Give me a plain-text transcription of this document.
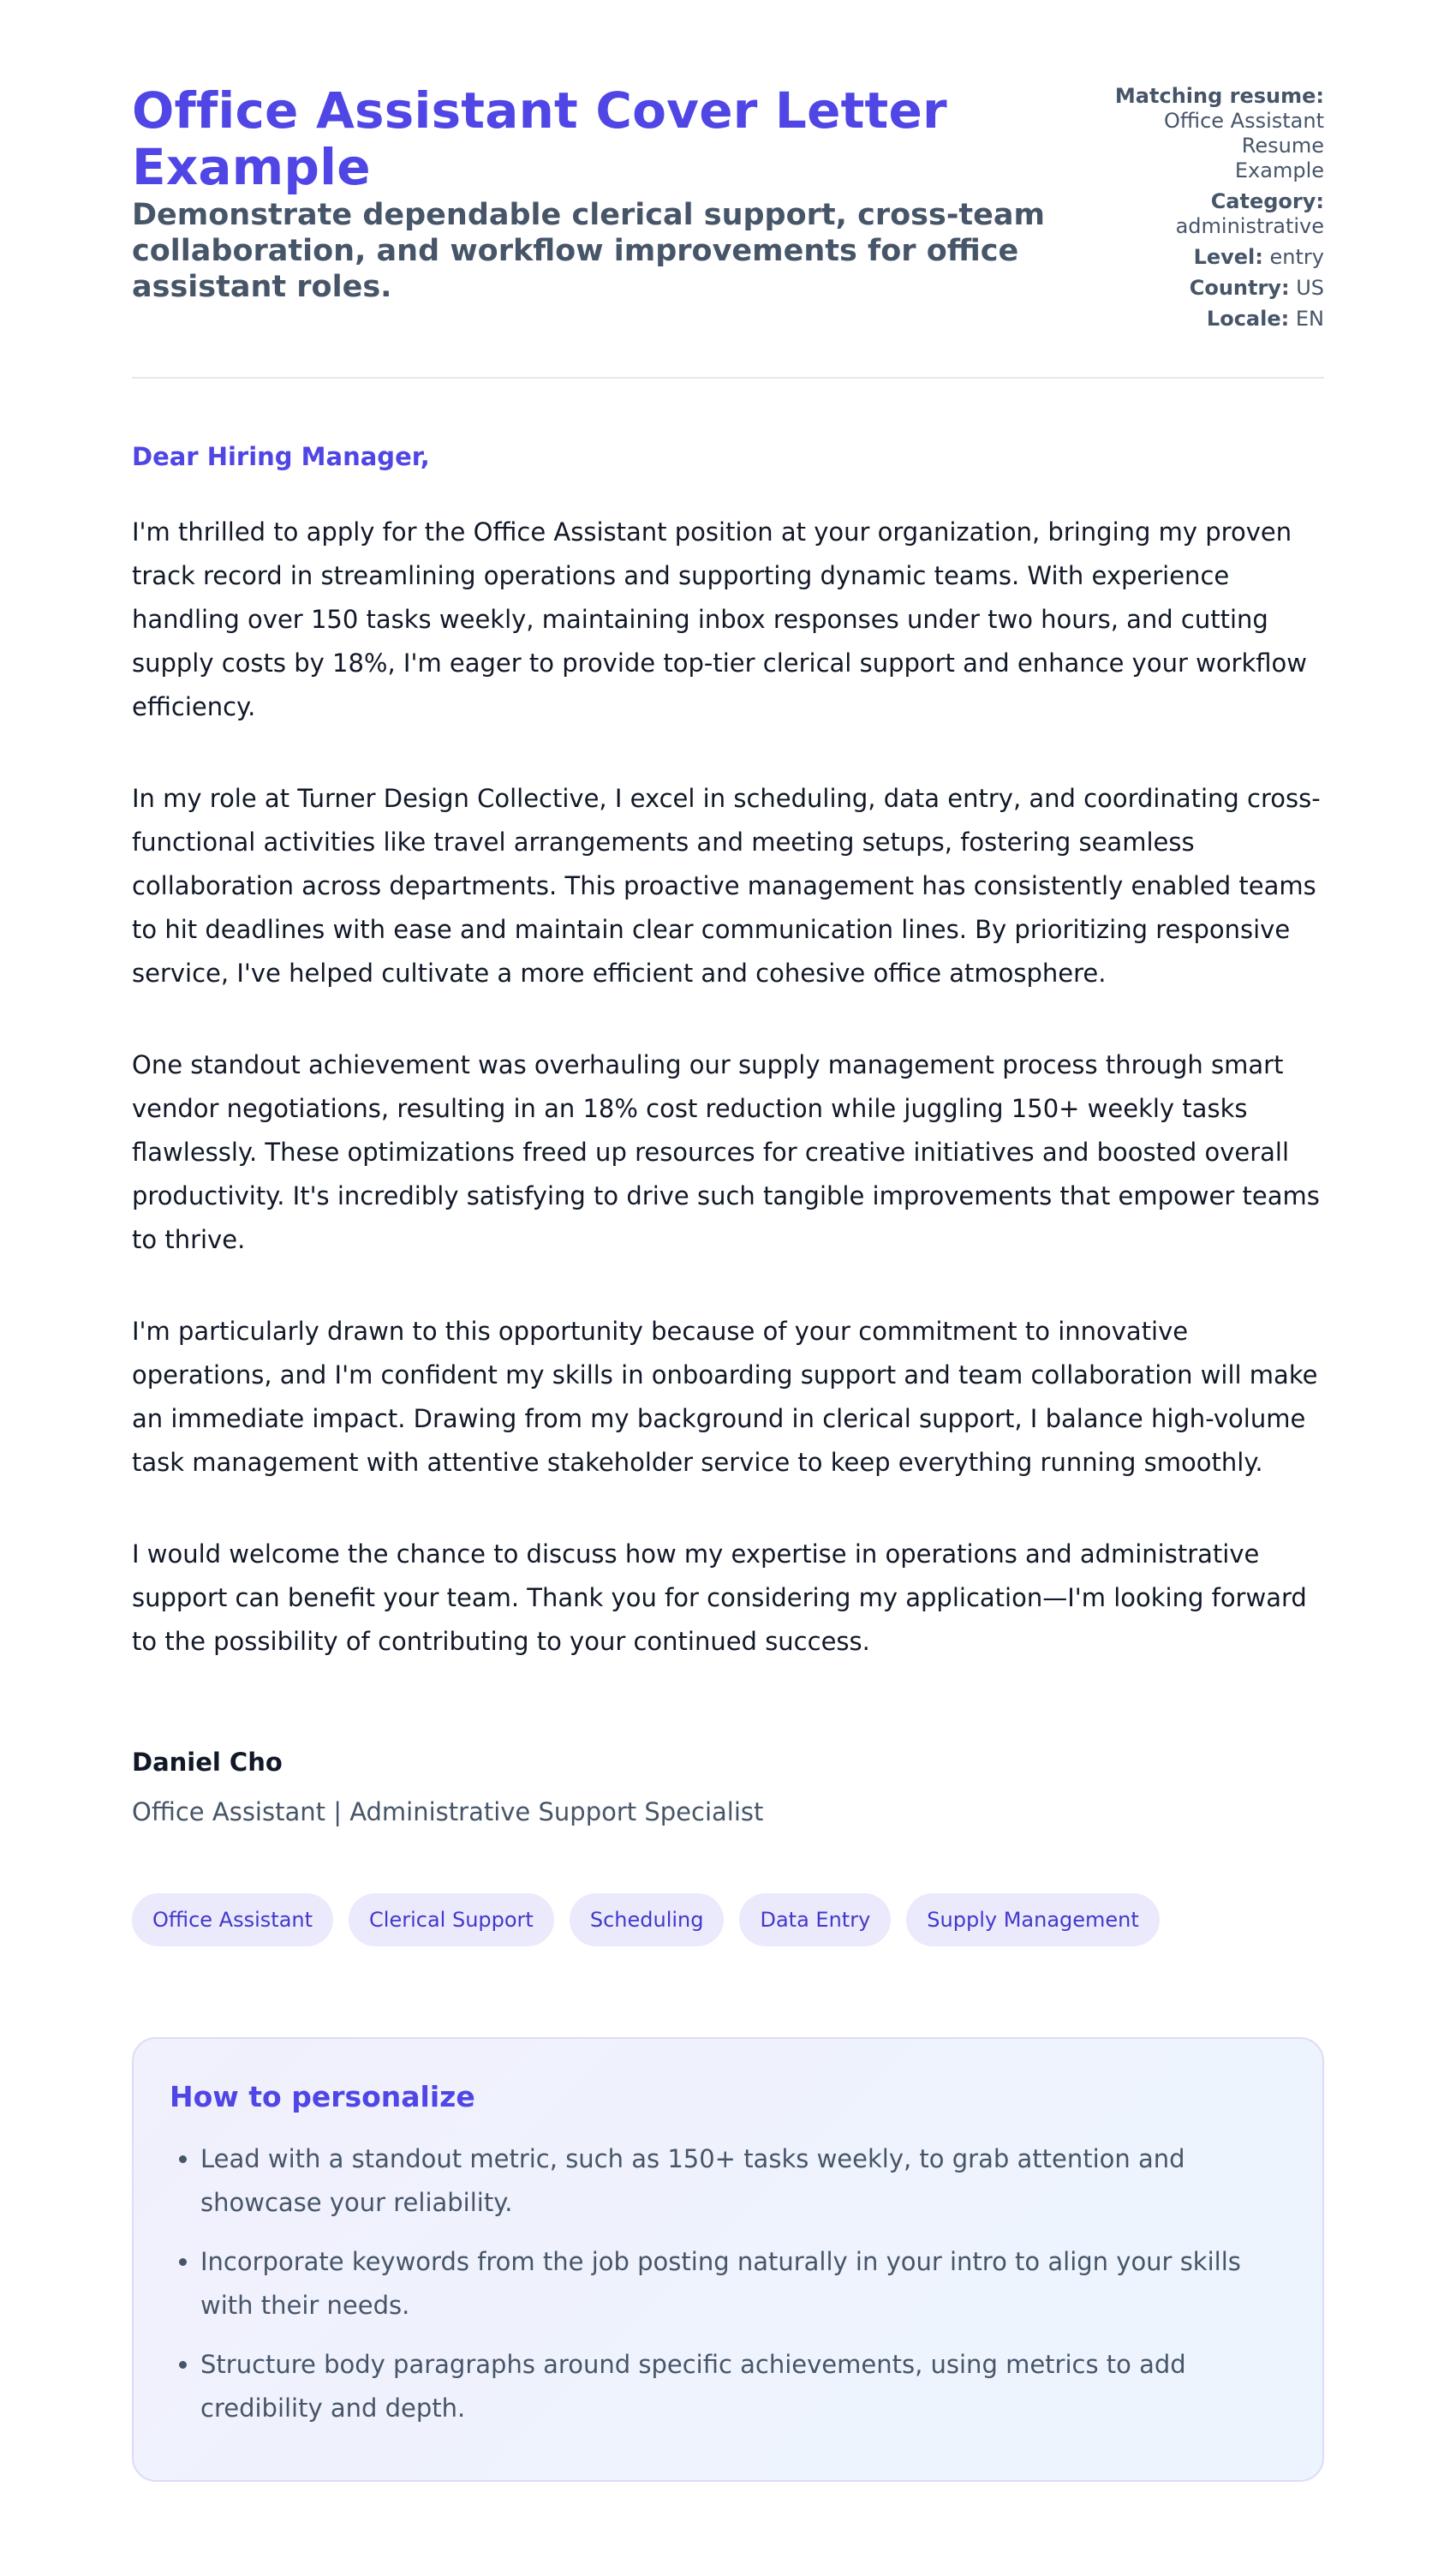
Office Assistant Cover Letter Example
Demonstrate dependable clerical support, cross-team collaboration, and workflow improvements for office assistant roles.
Matching resume:
Office Assistant Resume Example
Category:
administrative
Level: entry
Country: US
Locale: EN
Dear Hiring Manager,

I'm thrilled to apply for the Office Assistant position at your organization, bringing my proven track record in streamlining operations and supporting dynamic teams. With experience handling over 150 tasks weekly, maintaining inbox responses under two hours, and cutting supply costs by 18%, I'm eager to provide top-tier clerical support and enhance your workflow efficiency.

In my role at Turner Design Collective, I excel in scheduling, data entry, and coordinating cross-functional activities like travel arrangements and meeting setups, fostering seamless collaboration across departments. This proactive management has consistently enabled teams to hit deadlines with ease and maintain clear communication lines. By prioritizing responsive service, I've helped cultivate a more efficient and cohesive office atmosphere.

One standout achievement was overhauling our supply management process through smart vendor negotiations, resulting in an 18% cost reduction while juggling 150+ weekly tasks flawlessly. These optimizations freed up resources for creative initiatives and boosted overall productivity. It's incredibly satisfying to drive such tangible improvements that empower teams to thrive.

I'm particularly drawn to this opportunity because of your commitment to innovative operations, and I'm confident my skills in onboarding support and team collaboration will make an immediate impact. Drawing from my background in clerical support, I balance high-volume task management with attentive stakeholder service to keep everything running smoothly.

I would welcome the chance to discuss how my expertise in operations and administrative support can benefit your team. Thank you for considering my application—I'm looking forward to the possibility of contributing to your continued success.

Daniel Cho
Office Assistant | Administrative Support Specialist
Office Assistant	Clerical Support	Scheduling	Data Entry	Supply Management
How to personalize
• Lead with a standout metric, such as 150+ tasks weekly, to grab attention and showcase your reliability.
• Incorporate keywords from the job posting naturally in your intro to align your skills with their needs.
• Structure body paragraphs around specific achievements, using metrics to add credibility and depth.
